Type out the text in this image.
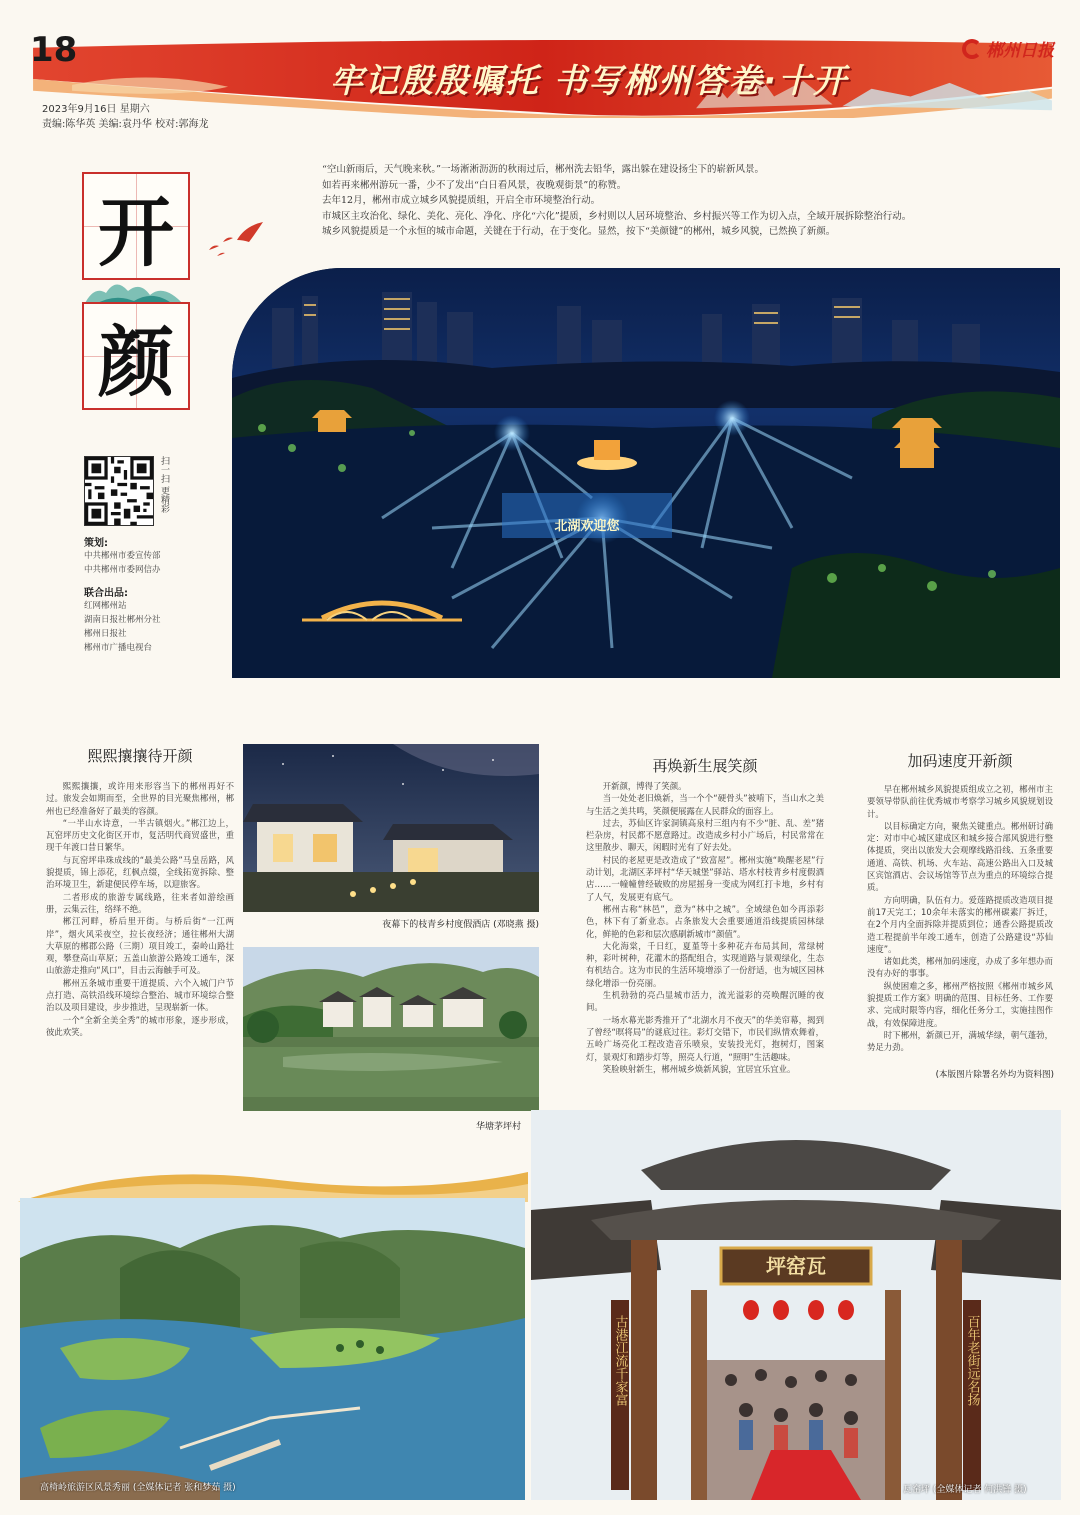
18
牢记殷殷嘱托 书写郴州答卷·十开
郴州日报
2023年9月16日 星期六
责编:陈华英 美编:袁丹华 校对:郭海龙
开
颜
扫一扫 更精彩
策划:
中共郴州市委宣传部
中共郴州市委网信办
联合出品:
红网郴州站
湖南日报社郴州分社
郴州日报社
郴州市广播电视台

“空山新雨后，天气晚来秋。”一场淅淅沥沥的秋雨过后，郴州洗去铅华，露出躲在建设扬尘下的崭新风景。

如若再来郴州游玩一番，少不了发出“白日看风景，夜晚观街景”的称赞。

去年12月，郴州市成立城乡风貌提质组，开启全市环境整治行动。

市城区主攻治化、绿化、美化、亮化、净化、序化“六化”提质，乡村则以人居环境整治、乡村振兴等工作为切入点，全域开展拆除整治行动。

城乡风貌提质是一个永恒的城市命题，关键在于行动，在于变化。显然，按下“美颜键”的郴州，城乡风貌，已然换了新颜。

北湖欢迎您
夜幕下的枝青乡村度假酒店 (邓晓燕 摄)
华塘茅坪村
熙熙攘攘待开颜

熙熙攘攘，或许用来形容当下的郴州再好不过。旅发会如期而至，全世界的目光聚焦郴州，郴州也已经准备好了最美的容颜。

“一半山水诗意，一半古镇烟火。”郴江边上，瓦窑坪历史文化街区开市，复活明代商贸盛世，重现千年渡口昔日繁华。

与瓦窑坪串珠成线的“最美公路”马皇岳路，风貌提质，锦上添花，红枫点缀，全线拓宽拆除、整治环境卫生，新建便民停车场，以迎旅客。

二者形成的旅游专属线路，往来者如游绘画册，云集云往，络绎不绝。

郴江河畔，桥后里开街。与桥后街“一江两岸”，烟火风采夜空，拉长夜经济；通往郴州大湖大草原的郴郡公路（三期）项目竣工，秦岭山路壮观，攀登高山草原；五盖山旅游公路竣工通车，深山旅游走推向“风口”，目击云海触手可及。

郴州五条城市重要干道提质、六个入城门户节点打造、高铁沿线环境综合整治、城市环境综合整治以及项目建设，步步推进，呈现崭新一体。

一个“全新全美全秀”的城市形象，逐步形成，彼此欢笑。

再焕新生展笑颜

开新颜，博得了笑颜。

当一处处老旧焕新，当一个个“硬骨头”被啃下，当山水之美与生活之美共鸣，笑颜便展露在人民群众的面容上。

过去，苏仙区许家洞镇高泉村三组内有不少“脏、乱、差”猪栏杂房，村民都不愿意路过。改造成乡村小广场后，村民常常在这里散步、聊天，闲暇时光有了好去处。

村民的老屋更是改造成了“致富屋”。郴州实施“唤醒老屋”行动计划，北湖区茅坪村“华天城堡”驿站、塔水村枝青乡村度假酒店……一幢幢曾经破败的房屋摇身一变成为网红打卡地，乡村有了人气，发展更有底气。

郴州古称“林邑”，意为“林中之城”。全域绿色如今再添彩色，林下有了新业态。占条旅发大会重要通道沿线提质园林绿化，鲜艳的色彩和层次感刷新城市“颜值”。

大化海棠，千日红，夏堇等十多种花卉布局其间，常绿树种，彩叶树种，花灌木的搭配组合，实现道路与景观绿化，生态有机结合。这为市民的生活环境增添了一份舒适，也为城区园林绿化增添一份亮丽。

生机勃勃的亮凸显城市活力，流光溢彩的亮唤醒沉睡的夜间。

一场水幕光影秀推开了“北湖水月不夜天”的华美帘幕，揭到了曾经“暝将局”的谜底过往。彩灯交错下，市民们纵情欢舞着，五岭广场亮化工程改造音乐喷泉，安装投光灯，抱树灯，图案灯，景观灯和踏步灯等，照亮人行道，“照明”生活趣味。

笑脸映射新生，郴州城乡焕新风貌，宜居宜乐宜业。

加码速度开新颜

早在郴州城乡风貌提质组成立之初，郴州市主要领导带队前往优秀城市考察学习城乡风貌规划设计。

以目标确定方向，聚焦关键重点。郴州研讨确定：对市中心城区建成区和城乡接合部风貌进行整体提质，突出以旅发大会观摩线路沿线、五条重要通道、高铁、机场、火车站、高速公路出入口及城区宾馆酒店、会议场馆等节点为重点的环境综合提质。

方向明确，队伍有力。爱莲路提质改造项目提前17天完工；10余年未落实的郴州碳素厂拆迁，在2个月内全面拆除并提质到位；通香公路提质改造工程提前半年竣工通车，创造了公路建设“苏仙速度”。

诸如此类，郴州加码速度，办成了多年想办而没有办好的事事。

纵使困难之多，郴州严格按照《郴州市城乡风貌提质工作方案》明确的范围、目标任务、工作要求、完成时限等内容，细化任务分工，实施挂图作战，有效保障进度。

时下郴州，新颜已开，满城华绿，朝气蓬勃，势足力劲。

(本版图片除署名外均为资料图)
高椅岭旅游区风景秀丽 (全媒体记者 张和梦茹 摄)
坪窑瓦
古港江流千家富	百年老街远名扬
瓦窑坪 (全媒体记者 何洪锋 摄)
